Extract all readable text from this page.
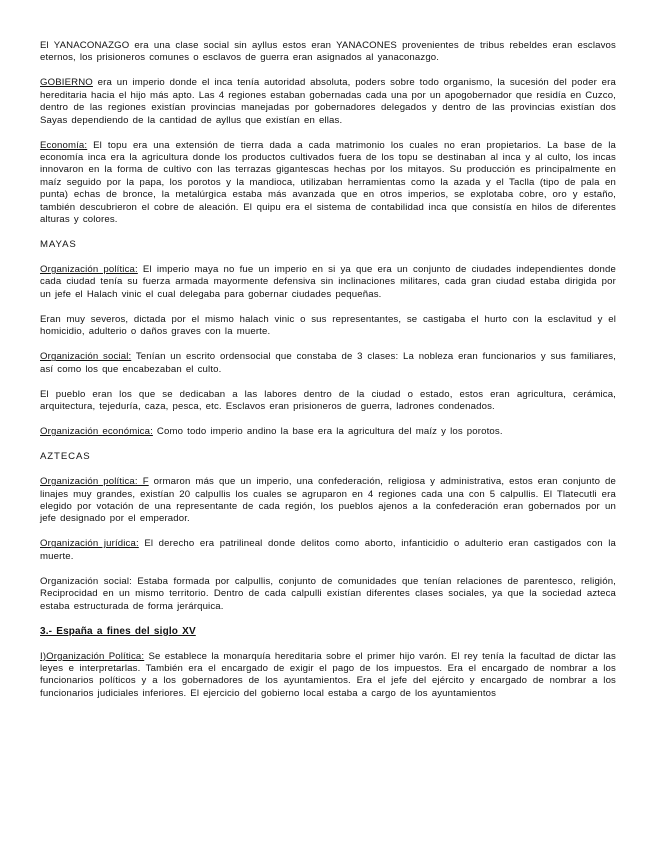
El YANACONAZGO era una clase social sin ayllus estos eran YANACONES provenientes de tribus rebeldes eran esclavos eternos, los prisioneros comunes o esclavos de guerra eran asignados al yanaconazgo.

GOBIERNO era un imperio donde el inca tenía autoridad absoluta, poders sobre todo organismo, la sucesión del poder era hereditaria hacia el hijo más apto. Las 4 regiones estaban gobernadas cada una por un apogobernador que residía en Cuzco, dentro de las regiones existían provincias manejadas por gobernadores delegados y dentro de las provincias existían dos Sayas dependiendo de la cantidad de ayllus que existían en ellas.

Economía: El topu era una extensión de tierra dada a cada matrimonio los cuales no eran propietarios. La base de la economía inca era la agricultura donde los productos cultivados fuera de los topu se destinaban al inca y al culto, los incas innovaron en la forma de cultivo con las terrazas gigantescas hechas por los mitayos. Su producción es principalmente en maíz seguido por la papa, los porotos y la mandioca, utilizaban herramientas como la azada y el Taclla (tipo de pala en punta) echas de bronce, la metalúrgica estaba más avanzada que en otros imperios, se explotaba cobre, oro y estaño, también descubrieron el cobre de aleación. El quipu era el sistema de contabilidad inca que consistía en hilos de diferentes alturas y colores.

MAYAS

Organización política: El imperio maya no fue un imperio en si ya que era un conjunto de ciudades independientes donde cada ciudad tenía su fuerza armada mayormente defensiva sin inclinaciones militares, cada gran ciudad estaba dirigida por un jefe el Halach vinic el cual delegaba para gobernar ciudades pequeñas.

Eran muy severos, dictada por el mismo halach vinic o sus representantes, se castigaba el hurto con la esclavitud y el homicidio, adulterio o daños graves con la muerte.

Organización social: Tenían un escrito ordensocial que constaba de 3 clases: La nobleza eran funcionarios y sus familiares, así como los que encabezaban el culto.

El pueblo eran los que se dedicaban a las labores dentro de la ciudad o estado, estos eran agricultura, cerámica, arquitectura, tejeduría, caza, pesca, etc. Esclavos eran prisioneros de guerra, ladrones condenados.

Organización económica: Como todo imperio andino la base era la agricultura del maíz y los porotos.

AZTECAS

Organización política: F ormaron más que un imperio, una confederación, religiosa y administrativa, estos eran conjunto de linajes muy grandes, existían 20 calpullis los cuales se agruparon en 4 regiones cada una con 5 calpullis. El Tlatecutli era elegido por votación de una representante de cada región, los pueblos ajenos a la confederación eran gobernados por un jefe designado por el emperador.

Organización jurídica: El derecho era patrilineal donde delitos como aborto, infanticidio o adulterio eran castigados con la muerte.

Organización social: Estaba formada por calpullis, conjunto de comunidades que tenían relaciones de parentesco, religión, Reciprocidad en un mismo territorio. Dentro de cada calpulli existían diferentes clases sociales, ya que la sociedad azteca estaba estructurada de forma jerárquica.

3.- España a fines del siglo XV

I)Organización Política: Se establece la monarquía hereditaria sobre el primer hijo varón. El rey tenía la facultad de dictar las leyes e interpretarlas. También era el encargado de exigir el pago de los impuestos. Era el encargado de nombrar a los funcionarios políticos y a los gobernadores de los ayuntamientos. Era el jefe del ejército y encargado de nombrar a los funcionarios judiciales inferiores. El ejercicio del gobierno local estaba a cargo de los ayuntamientos
